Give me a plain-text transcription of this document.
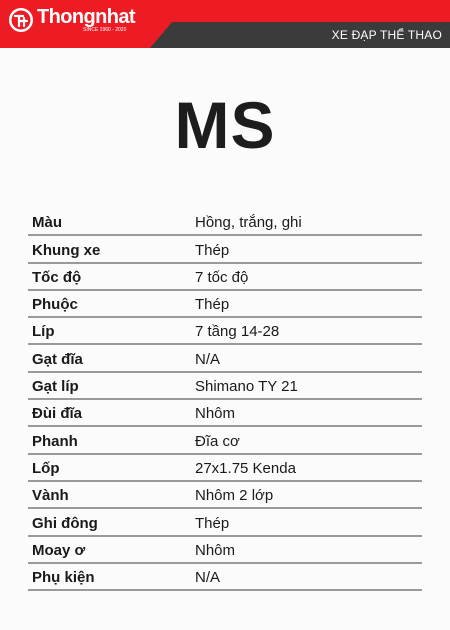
Thongnhat
SINCE 1960 - 2020	XE ĐẠP THỂ THAO
MS
Màu	Hồng, trắng, ghi
Khung xe	Thép
Tốc độ	7 tốc độ
Phuộc	Thép
Líp	7 tầng 14-28
Gạt đĩa	N/A
Gạt líp	Shimano TY 21
Đùi đĩa	Nhôm
Phanh	Đĩa cơ
Lốp	27x1.75 Kenda
Vành	Nhôm 2 lớp
Ghi đông	Thép
Moay ơ	Nhôm
Phụ kiện	N/A
